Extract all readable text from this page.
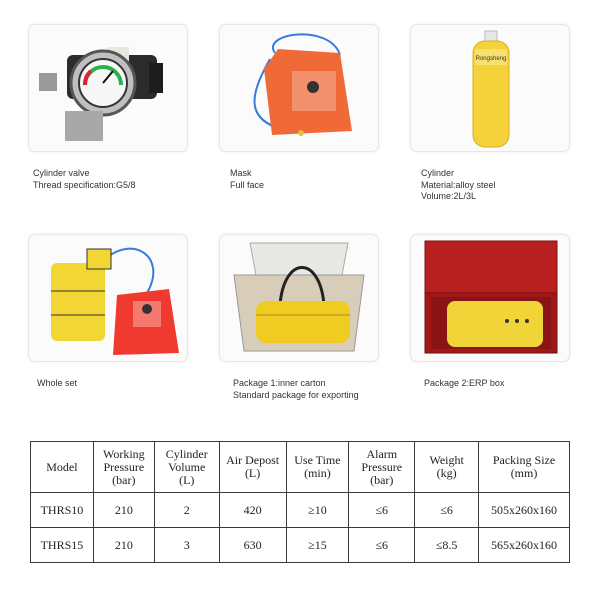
Rongsheng
Cylinder valve
Thread specification:G5/8
Mask
Full face
Cylinder
Material:alloy steel
Volume:2L/3L
Whole set	Package 1:inner carton
Standard package for exporting
Package 2:ERP box
Model	Working
Pressure
(bar)	Cylinder
Volume
(L)	Air Depost
(L)	Use Time
(min)	Alarm
Pressure
(bar)	Weight
(kg)	Packing Size
(mm)

THRS10	210	2	420	≥10	≤6	≤6	505x260x160
THRS15	210	3	630	≥15	≤6	≤8.5	565x260x160
